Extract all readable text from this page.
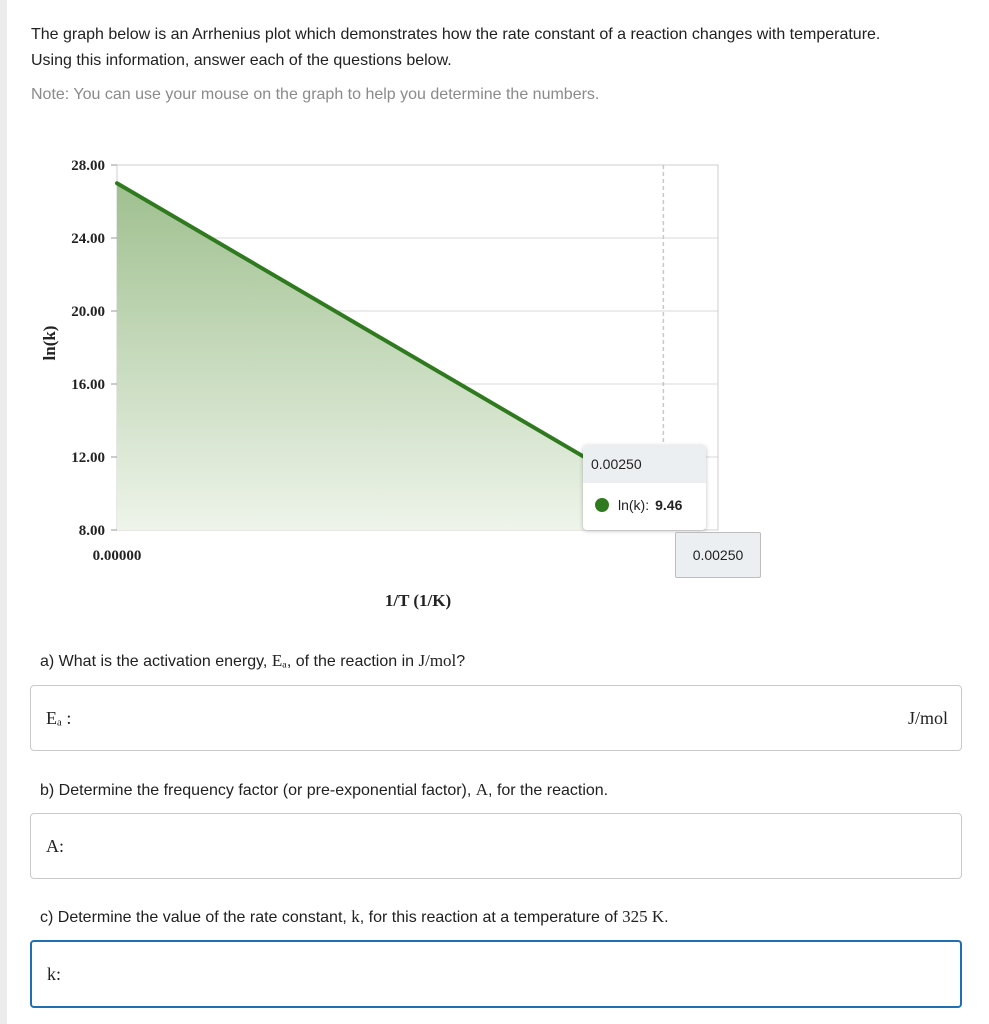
The graph below is an Arrhenius plot which demonstrates how the rate constant of a reaction changes with temperature.
Using this information, answer each of the questions below.
Note: You can use your mouse on the graph to help you determine the numbers.
8.00
12.00
16.00
20.00
24.00
28.00
0.00000
1/T (1/K)
ln(k)
0.00250
ln(k): 9.46
0.00250
a) What is the activation energy, Eₐ, of the reaction in J/mol?
Eₐ :	J/mol
b) Determine the frequency factor (or pre-exponential factor), A, for the reaction.
A:
c) Determine the value of the rate constant, k, for this reaction at a temperature of 325 K.
k:
